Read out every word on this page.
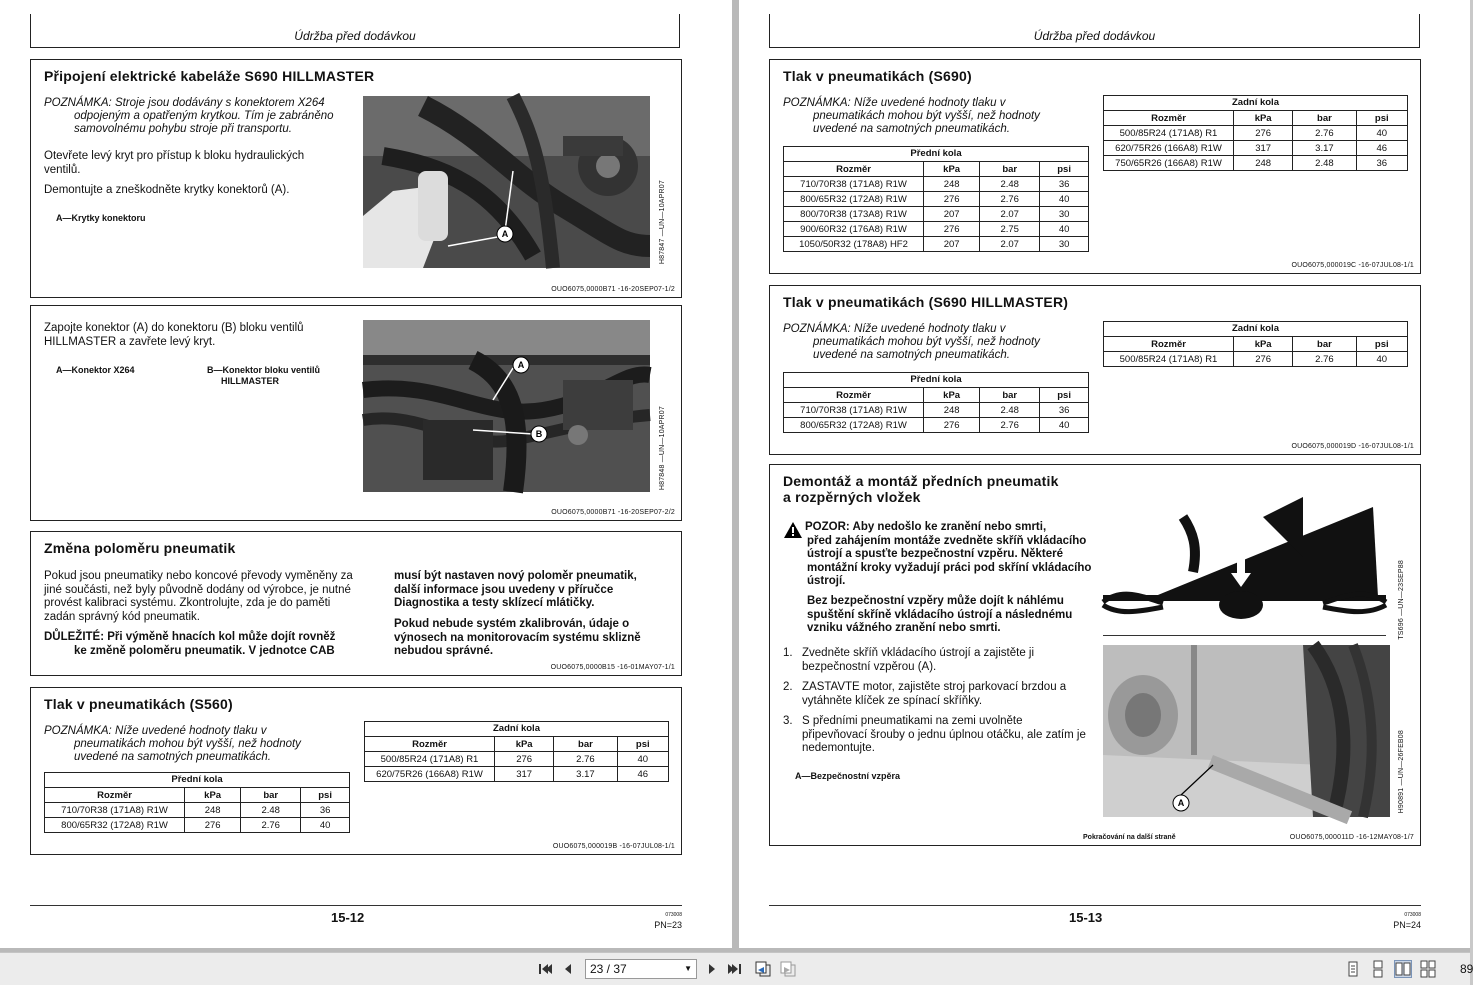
Údržba před dodávkou
Připojení elektrické kabeláže S690 HILLMASTER
POZNÁMKA: Stroje jsou dodávány s konektorem X264
odpojeným a opatřeným krytkou. Tím je zabráněno samovolnému pohybu stroje při transportu.
Otevřete levý kryt pro přístup k bloku hydraulických ventilů.
Demontujte a zneškodněte krytky konektorů (A).
A—Krytky konektoru
A	H87847 —UN—10APR07
OUO6075,0000B71 -16-20SEP07-1/2
Zapojte konektor (A) do konektoru (B) bloku ventilů HILLMASTER a zavřete levý kryt.
A—Konektor X264	B—Konektor bloku ventilů
HILLMASTER
A
B	H87848 —UN—10APR07
OUO6075,0000B71 -16-20SEP07-2/2
Změna poloměru pneumatik
Pokud jsou pneumatiky nebo koncové převody vyměněny za jiné součásti, než byly původně dodány od výrobce, je nutné provést kalibraci systému. Zkontrolujte, zda je do paměti zadán správný kód pneumatik.
DŮLEŽITÉ: Při výměně hnacích kol může dojít rovněž
ke změně poloměru pneumatik. V jednotce CAB
musí být nastaven nový poloměr pneumatik, další informace jsou uvedeny v příručce Diagnostika a testy sklízecí mlátičky.
Pokud nebude systém zkalibrován, údaje o výnosech na monitorovacím systému sklizně nebudou správné.
OUO6075,0000B15 -16-01MAY07-1/1
Tlak v pneumatikách (S560)
POZNÁMKA: Níže uvedené hodnoty tlaku v
pneumatikách mohou být vyšší, než hodnoty uvedené na samotných pneumatikách.
Přední kola
Rozměr	kPa	bar	psi
710/70R38 (171A8) R1W	248	2.48	36
800/65R32 (172A8) R1W	276	2.76	40
Zadní kola
Rozměr	kPa	bar	psi
500/85R24 (171A8) R1	276	2.76	40
620/75R26 (166A8) R1W	317	3.17	46
OUO6075,000019B -16-07JUL08-1/1
15-12	073008
PN=23
Údržba před dodávkou
Tlak v pneumatikách (S690)
POZNÁMKA: Níže uvedené hodnoty tlaku v
pneumatikách mohou být vyšší, než hodnoty uvedené na samotných pneumatikách.
Přední kola
Rozměr	kPa	bar	psi
710/70R38 (171A8) R1W	248	2.48	36
800/65R32 (172A8) R1W	276	2.76	40
800/70R38 (173A8) R1W	207	2.07	30
900/60R32 (176A8) R1W	276	2.75	40
1050/50R32 (178A8) HF2	207	2.07	30
Zadní kola
Rozměr	kPa	bar	psi
500/85R24 (171A8) R1	276	2.76	40
620/75R26 (166A8) R1W	317	3.17	46
750/65R26 (166A8) R1W	248	2.48	36
OUO6075,000019C -16-07JUL08-1/1
Tlak v pneumatikách (S690 HILLMASTER)
POZNÁMKA: Níže uvedené hodnoty tlaku v
pneumatikách mohou být vyšší, než hodnoty uvedené na samotných pneumatikách.
Přední kola
Rozměr	kPa	bar	psi
710/70R38 (171A8) R1W	248	2.48	36
800/65R32 (172A8) R1W	276	2.76	40
Zadní kola
Rozměr	kPa	bar	psi
500/85R24 (171A8) R1	276	2.76	40
OUO6075,000019D -16-07JUL08-1/1
Demontáž a montáž předních pneumatik
a rozpěrných vložek
POZOR: Aby nedošlo ke zranění nebo smrti,
před zahájením montáže zvedněte skříň vkládacího ústrojí a spusťte bezpečnostní vzpěru. Některé montážní kroky vyžadují práci pod skříní vkládacího ústrojí.
Bez bezpečnostní vzpěry může dojít k náhlému spuštění skříně vkládacího ústrojí a následnému vzniku vážného zranění nebo smrti.
1. Zvedněte skříň vkládacího ústrojí a zajistěte ji bezpečnostní vzpěrou (A).
2. ZASTAVTE motor, zajistěte stroj parkovací brzdou a vytáhněte klíček ze spínací skříňky.
3. S předními pneumatikami na zemi uvolněte připevňovací šrouby o jednu úplnou otáčku, ale zatím je nedemontujte.
A—Bezpečnostní vzpěra
TS696 —UN—23SEP88
A	H90891 —UN—26FEB08
Pokračování na další straně	OUO6075,000011D -16-12MAY08-1/7
15-13	073008
PN=24
23 / 37	▼	89
